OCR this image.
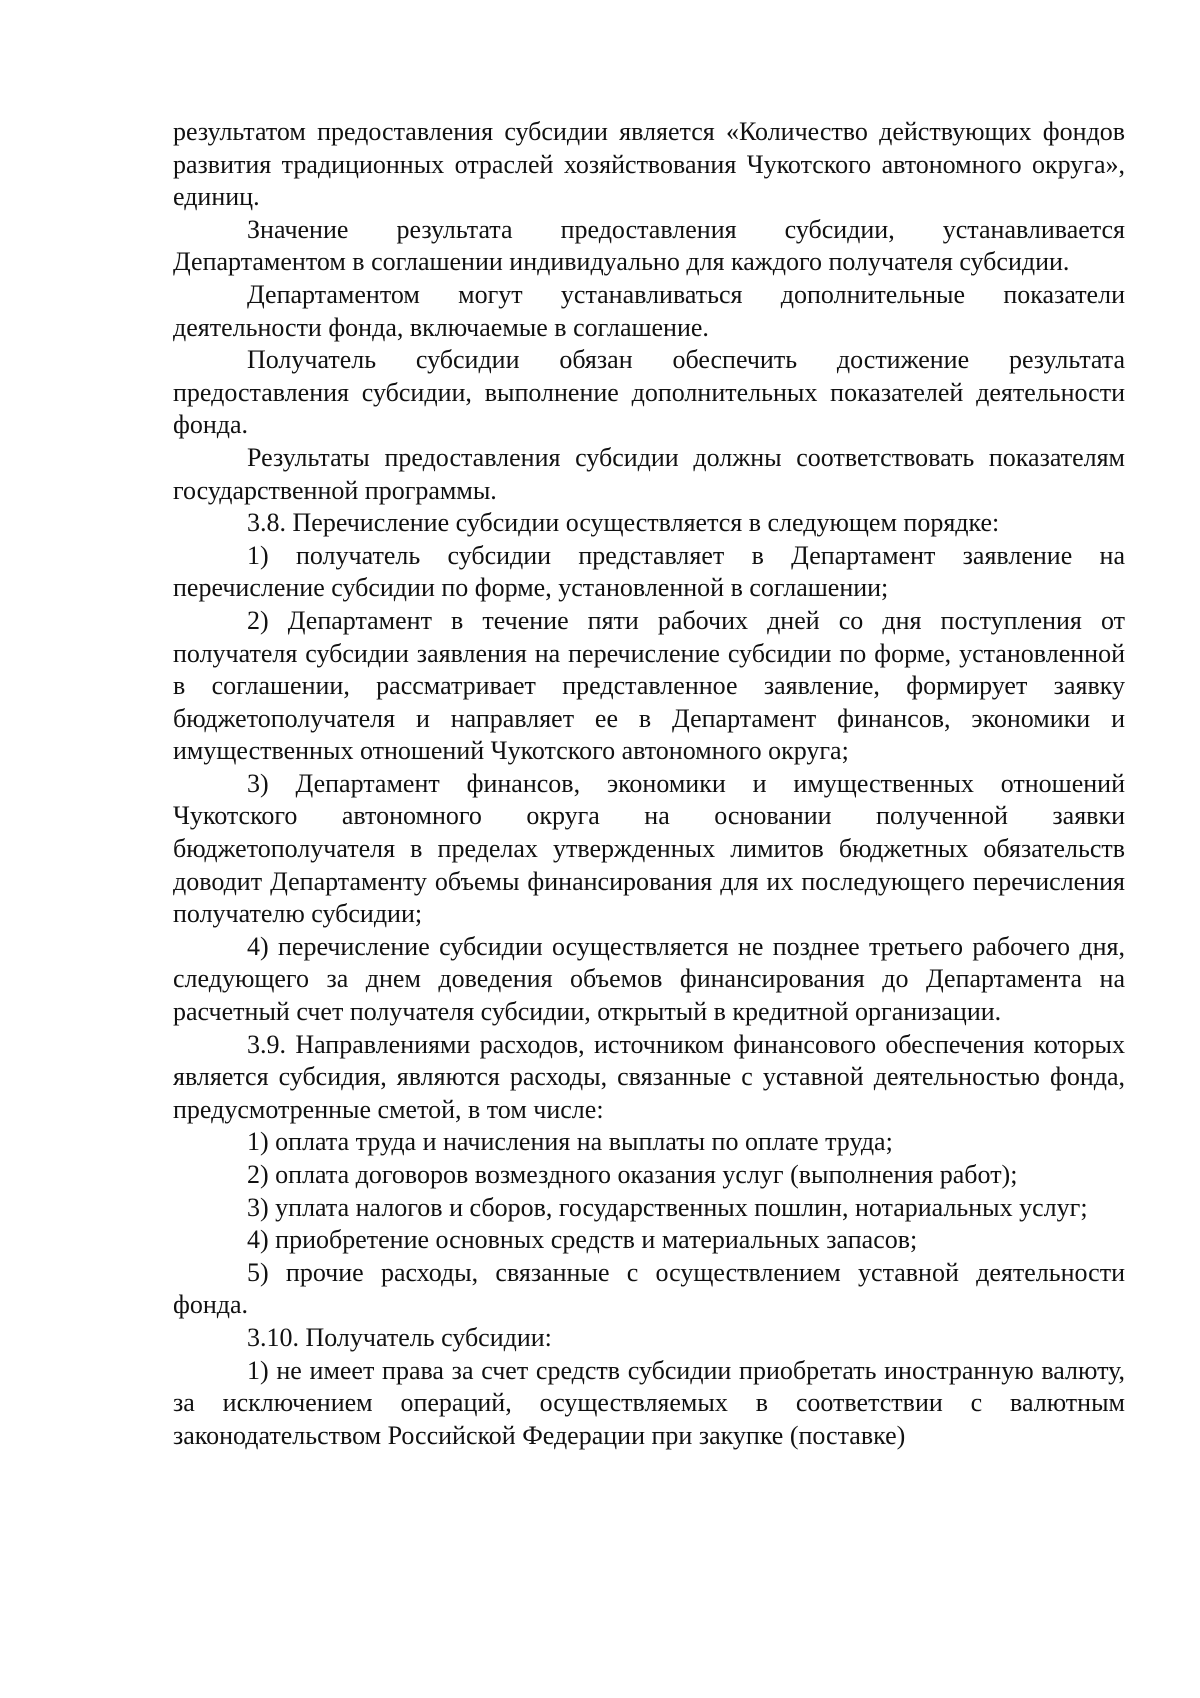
результатом предоставления субсидии является «Количество действующих фондов развития традиционных отраслей хозяйствования Чукотского автономного округа», единиц.

Значение результата предоставления субсидии, устанавливается Департаментом в соглашении индивидуально для каждого получателя субсидии.

Департаментом могут устанавливаться дополнительные показатели деятельности фонда, включаемые в соглашение.

Получатель субсидии обязан обеспечить достижение результата предоставления субсидии, выполнение дополнительных показателей деятельности фонда.

Результаты предоставления субсидии должны соответствовать показателям государственной программы.

3.8. Перечисление субсидии осуществляется в следующем порядке:

1) получатель субсидии представляет в Департамент заявление на перечисление субсидии по форме, установленной в соглашении;

2) Департамент в течение пяти рабочих дней со дня поступления от получателя субсидии заявления на перечисление субсидии по форме, установленной в соглашении, рассматривает представленное заявление, формирует заявку бюджетополучателя и направляет ее в Департамент финансов, экономики и имущественных отношений Чукотского автономного округа;

3) Департамент финансов, экономики и имущественных отношений Чукотского автономного округа на основании полученной заявки бюджетополучателя в пределах утвержденных лимитов бюджетных обязательств доводит Департаменту объемы финансирования для их последующего перечисления получателю субсидии;

4) перечисление субсидии осуществляется не позднее третьего рабочего дня, следующего за днем доведения объемов финансирования до Департамента на расчетный счет получателя субсидии, открытый в кредитной организации.

3.9. Направлениями расходов, источником финансового обеспечения которых является субсидия, являются расходы, связанные с уставной деятельностью фонда, предусмотренные сметой, в том числе:

1) оплата труда и начисления на выплаты по оплате труда;

2) оплата договоров возмездного оказания услуг (выполнения работ);

3) уплата налогов и сборов, государственных пошлин, нотариальных услуг;

4) приобретение основных средств и материальных запасов;

5) прочие расходы, связанные с осуществлением уставной деятельности фонда.

3.10. Получатель субсидии:

1) не имеет права за счет средств субсидии приобретать иностранную валюту, за исключением операций, осуществляемых в соответствии с валютным законодательством Российской Федерации при закупке (поставке)
